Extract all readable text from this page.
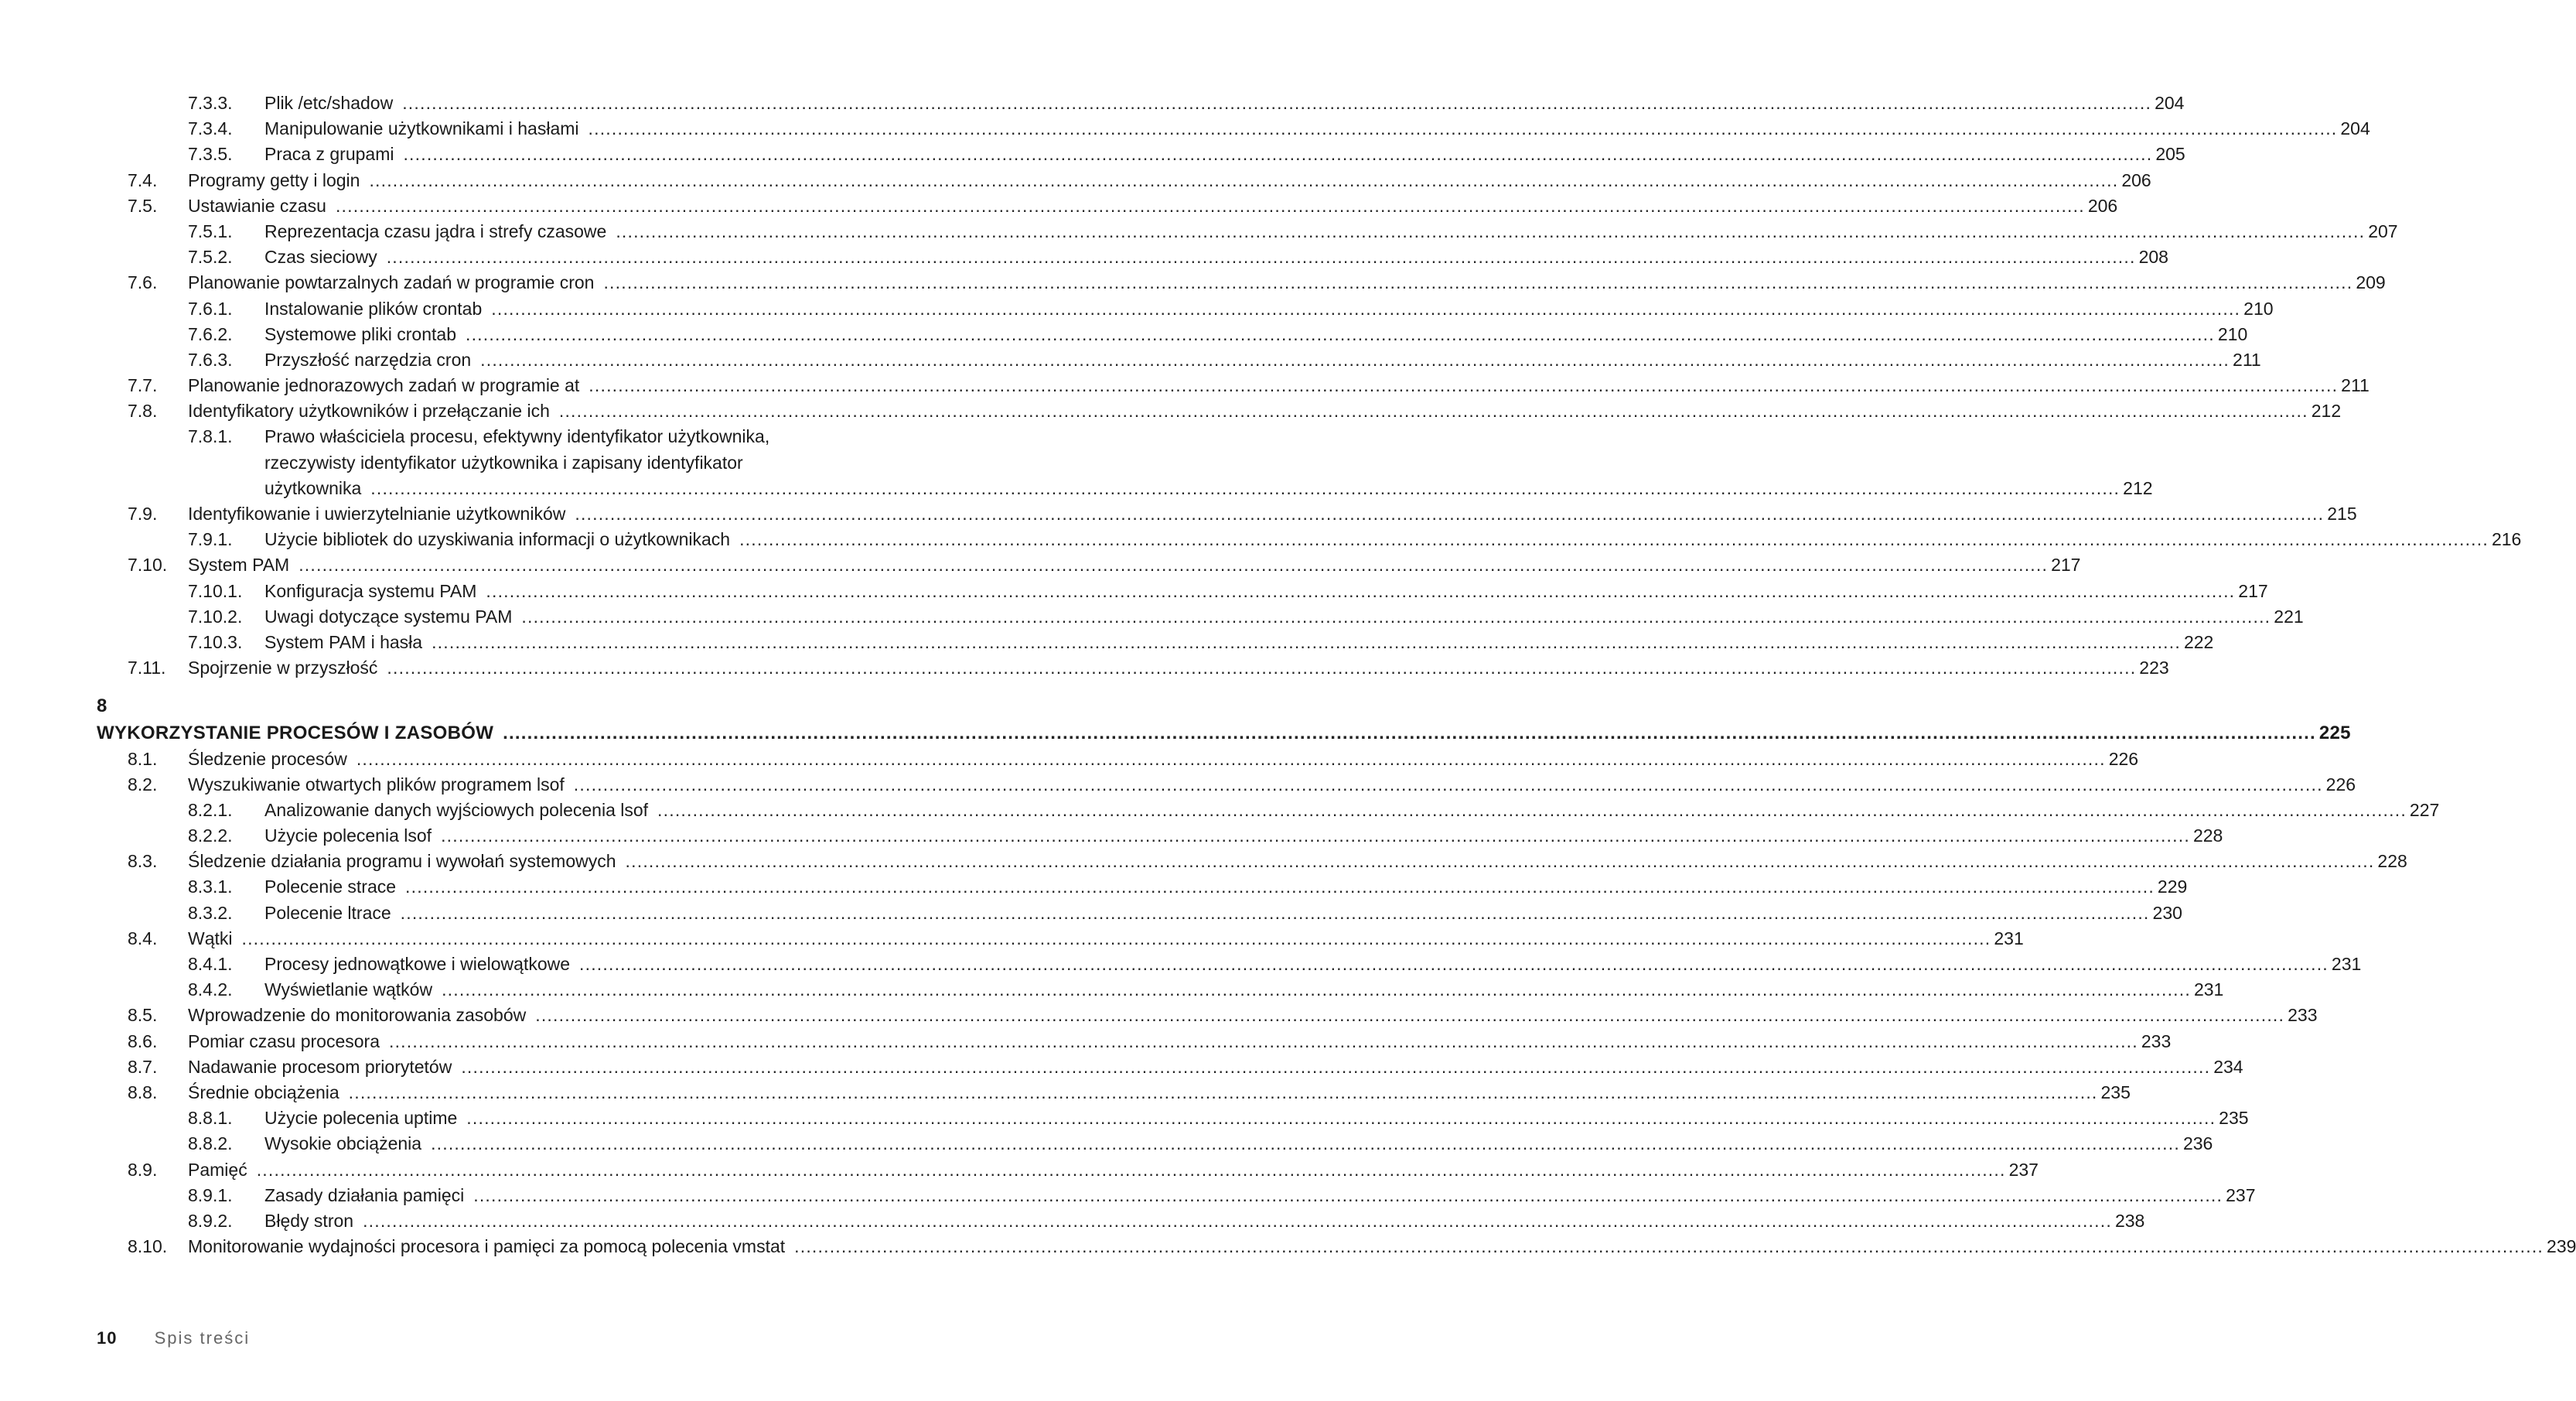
7.3.3. Plik /etc/shadow .......................................................................................................................................................................................................................................................................................................... 204
7.3.4. Manipulowanie użytkownikami i hasłami .......................................................................................................................................................................................................................................................................................................... 204
7.3.5. Praca z grupami .......................................................................................................................................................................................................................................................................................................... 205
7.4. Programy getty i login .......................................................................................................................................................................................................................................................................................................... 206
7.5. Ustawianie czasu .......................................................................................................................................................................................................................................................................................................... 206
7.5.1. Reprezentacja czasu jądra i strefy czasowe .......................................................................................................................................................................................................................................................................................................... 207
7.5.2. Czas sieciowy .......................................................................................................................................................................................................................................................................................................... 208
7.6. Planowanie powtarzalnych zadań w programie cron .......................................................................................................................................................................................................................................................................................................... 209
7.6.1. Instalowanie plików crontab .......................................................................................................................................................................................................................................................................................................... 210
7.6.2. Systemowe pliki crontab .......................................................................................................................................................................................................................................................................................................... 210
7.6.3. Przyszłość narzędzia cron .......................................................................................................................................................................................................................................................................................................... 211
7.7. Planowanie jednorazowych zadań w programie at .......................................................................................................................................................................................................................................................................................................... 211
7.8. Identyfikatory użytkowników i przełączanie ich .......................................................................................................................................................................................................................................................................................................... 212
7.8.1. Prawo właściciela procesu, efektywny identyfikator użytkownika,
rzeczywisty identyfikator użytkownika i zapisany identyfikator
użytkownika .......................................................................................................................................................................................................................................................................................................... 212
7.9. Identyfikowanie i uwierzytelnianie użytkowników .......................................................................................................................................................................................................................................................................................................... 215
7.9.1. Użycie bibliotek do uzyskiwania informacji o użytkownikach .......................................................................................................................................................................................................................................................................................................... 216
7.10. System PAM .......................................................................................................................................................................................................................................................................................................... 217
7.10.1. Konfiguracja systemu PAM .......................................................................................................................................................................................................................................................................................................... 217
7.10.2. Uwagi dotyczące systemu PAM .......................................................................................................................................................................................................................................................................................................... 221
7.10.3. System PAM i hasła .......................................................................................................................................................................................................................................................................................................... 222
7.11. Spojrzenie w przyszłość .......................................................................................................................................................................................................................................................................................................... 223
8
WYKORZYSTANIE PROCESÓW I ZASOBÓW .......................................................................................................................................................................................................................................................................................................... 225
8.1. Śledzenie procesów .......................................................................................................................................................................................................................................................................................................... 226
8.2. Wyszukiwanie otwartych plików programem lsof .......................................................................................................................................................................................................................................................................................................... 226
8.2.1. Analizowanie danych wyjściowych polecenia lsof .......................................................................................................................................................................................................................................................................................................... 227
8.2.2. Użycie polecenia lsof .......................................................................................................................................................................................................................................................................................................... 228
8.3. Śledzenie działania programu i wywołań systemowych .......................................................................................................................................................................................................................................................................................................... 228
8.3.1. Polecenie strace .......................................................................................................................................................................................................................................................................................................... 229
8.3.2. Polecenie ltrace .......................................................................................................................................................................................................................................................................................................... 230
8.4. Wątki .......................................................................................................................................................................................................................................................................................................... 231
8.4.1. Procesy jednowątkowe i wielowątkowe .......................................................................................................................................................................................................................................................................................................... 231
8.4.2. Wyświetlanie wątków .......................................................................................................................................................................................................................................................................................................... 231
8.5. Wprowadzenie do monitorowania zasobów .......................................................................................................................................................................................................................................................................................................... 233
8.6. Pomiar czasu procesora .......................................................................................................................................................................................................................................................................................................... 233
8.7. Nadawanie procesom priorytetów .......................................................................................................................................................................................................................................................................................................... 234
8.8. Średnie obciążenia .......................................................................................................................................................................................................................................................................................................... 235
8.8.1. Użycie polecenia uptime .......................................................................................................................................................................................................................................................................................................... 235
8.8.2. Wysokie obciążenia .......................................................................................................................................................................................................................................................................................................... 236
8.9. Pamięć .......................................................................................................................................................................................................................................................................................................... 237
8.9.1. Zasady działania pamięci .......................................................................................................................................................................................................................................................................................................... 237
8.9.2. Błędy stron .......................................................................................................................................................................................................................................................................................................... 238
8.10. Monitorowanie wydajności procesora i pamięci za pomocą polecenia vmstat .......................................................................................................................................................................................................................................................................................................... 239
10 Spis treści
